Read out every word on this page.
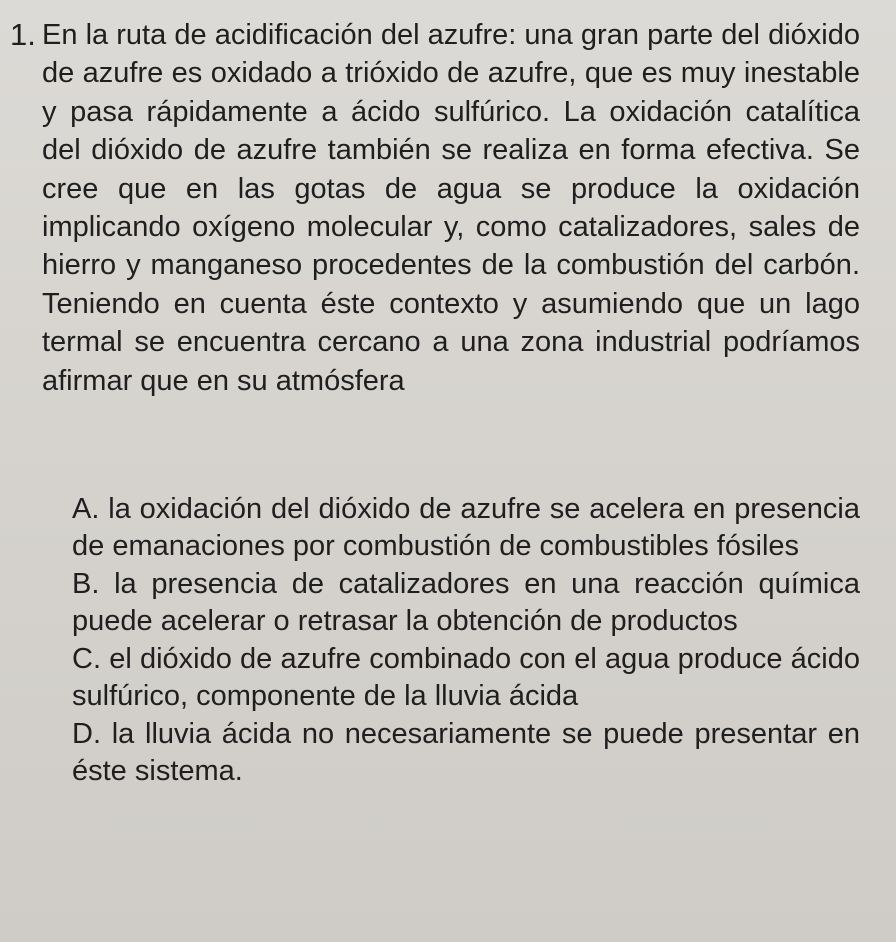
1. En la ruta de acidificación del azufre: una gran parte del dióxido de azufre es oxidado a trióxido de azufre, que es muy inestable y pasa rápidamente a ácido sulfúrico. La oxidación catalítica del dióxido de azufre también se realiza en forma efectiva. Se cree que en las gotas de agua se produce la oxidación implicando oxígeno molecular y, como catalizadores, sales de hierro y manganeso procedentes de la combustión del carbón. Teniendo en cuenta éste contexto y asumiendo que un lago termal se encuentra cercano a una zona industrial podríamos afirmar que en su atmósfera
A. la oxidación del dióxido de azufre se acelera en presencia de emanaciones por combustión de combustibles fósiles
B. la presencia de catalizadores en una reacción química puede acelerar o retrasar la obtención de productos
C. el dióxido de azufre combinado con el agua produce ácido sulfúrico, componente de la lluvia ácida
D. la lluvia ácida no necesariamente se puede presentar en éste sistema.
